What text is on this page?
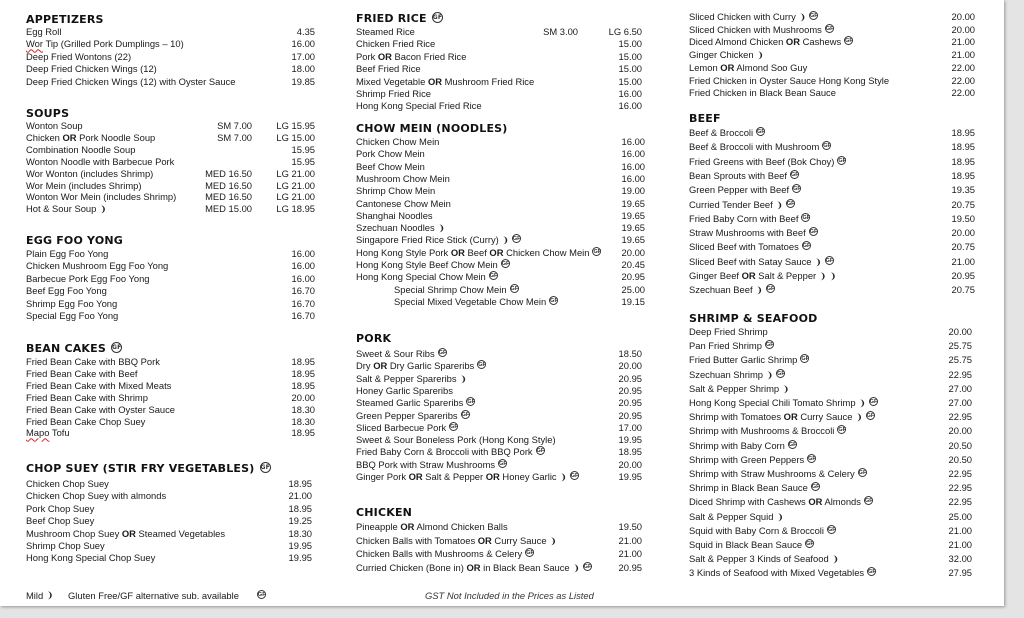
APPETIZERS
Egg Roll	4.35
Wor Tip (Grilled Pork Dumplings – 10)	16.00
Deep Fried Wontons (22)	17.00
Deep Fried Chicken Wings (12)	18.00
Deep Fried Chicken Wings (12) with Oyster Sauce	19.85
SOUPS
Wonton Soup	SM 7.00	LG 15.95
Chicken OR Pork Noodle Soup	SM 7.00	LG 15.00
Combination Noodle Soup	15.95
Wonton Noodle with Barbecue Pork	15.95
Wor Wonton (includes Shrimp)	MED 16.50	LG 21.00
Wor Mein (includes Shrimp)	MED 16.50	LG 21.00
Wonton Wor Mein (includes Shrimp)	MED 16.50	LG 21.00
Hot & Sour Soup ❩	MED 15.00	LG 18.95
EGG FOO YONG
Plain Egg Foo Yong	16.00
Chicken Mushroom Egg Foo Yong	16.00
Barbecue Pork Egg Foo Yong	16.00
Beef Egg Foo Yong	16.70
Shrimp Egg Foo Yong	16.70
Special Egg Foo Yong	16.70
BEAN CAKES GF
Fried Bean Cake with BBQ Pork	18.95
Fried Bean Cake with Beef	18.95
Fried Bean Cake with Mixed Meats	18.95
Fried Bean Cake with Shrimp	20.00
Fried Bean Cake with Oyster Sauce	18.30
Fried Bean Cake Chop Suey	18.30
Mapo Tofu	18.95
CHOP SUEY (STIR FRY VEGETABLES) GF
Chicken Chop Suey	18.95
Chicken Chop Suey with almonds	21.00
Pork Chop Suey	18.95
Beef Chop Suey	19.25
Mushroom Chop Suey OR Steamed Vegetables	18.30
Shrimp Chop Suey	19.95
Hong Kong Special Chop Suey	19.95
FRIED RICE GF
Steamed Rice	SM 3.00	LG 6.50
Chicken Fried Rice	15.00
Pork OR Bacon Fried Rice	15.00
Beef Fried Rice	15.00
Mixed Vegetable OR Mushroom Fried Rice	15.00
Shrimp Fried Rice	16.00
Hong Kong Special Fried Rice	16.00
CHOW MEIN (NOODLES)
Chicken Chow Mein	16.00
Pork Chow Mein	16.00
Beef Chow Mein	16.00
Mushroom Chow Mein	16.00
Shrimp Chow Mein	19.00
Cantonese Chow Mein	19.65
Shanghai Noodles	19.65
Szechuan Noodles ❩	19.65
Singapore Fried Rice Stick (Curry) ❩ GF	19.65
Hong Kong Style Pork OR Beef OR Chicken Chow Mein GF 20.00
Hong Kong Style Beef Chow Mein GF	20.45
Hong Kong Special Chow Mein GF	20.95
Special Shrimp Chow Mein GF	25.00
Special Mixed Vegetable Chow Mein GF	19.15
PORK
Sweet & Sour Ribs GF	18.50
Dry OR Dry Garlic Spareribs GF	20.00
Salt & Pepper Spareribs ❩	20.95
Honey Garlic Spareribs	20.95
Steamed Garlic Spareribs GF	20.95
Green Pepper Spareribs GF	20.95
Sliced Barbecue Pork GF	17.00
Sweet & Sour Boneless Pork (Hong Kong Style)	19.95
Fried Baby Corn & Broccoli with BBQ Pork GF	18.95
BBQ Pork with Straw Mushrooms GF	20.00
Ginger Pork OR Salt & Pepper OR Honey Garlic ❩ GF	19.95
CHICKEN
Pineapple OR Almond Chicken Balls	19.50
Chicken Balls with Tomatoes OR Curry Sauce ❩	21.00
Chicken Balls with Mushrooms & Celery GF	21.00
Curried Chicken (Bone in) OR in Black Bean Sauce ❩ GF	20.95
Sliced Chicken with Curry ❩ GF	20.00
Sliced Chicken with Mushrooms GF	20.00
Diced Almond Chicken OR Cashews GF	21.00
Ginger Chicken ❩	21.00
Lemon OR Almond Soo Guy	22.00
Fried Chicken in Oyster Sauce Hong Kong Style	22.00
Fried Chicken in Black Bean Sauce	22.00
BEEF
Beef & Broccoli GF	18.95
Beef & Broccoli with Mushroom GF	18.95
Fried Greens with Beef (Bok Choy) GF	18.95
Bean Sprouts with Beef GF	18.95
Green Pepper with Beef GF	19.35
Curried Tender Beef ❩ GF	20.75
Fried Baby Corn with Beef GF	19.50
Straw Mushrooms with Beef GF	20.00
Sliced Beef with Tomatoes GF	20.75
Sliced Beef with Satay Sauce ❩ GF	21.00
Ginger Beef OR Salt & Pepper ❩ ❩	20.95
Szechuan Beef ❩ GF	20.75
SHRIMP & SEAFOOD
Deep Fried Shrimp	20.00
Pan Fried Shrimp GF	25.75
Fried Butter Garlic Shrimp GF	25.75
Szechuan Shrimp ❩ GF	22.95
Salt & Pepper Shrimp ❩	27.00
Hong Kong Special Chili Tomato Shrimp ❩ GF	27.00
Shrimp with Tomatoes OR Curry Sauce ❩ GF	22.95
Shrimp with Mushrooms & Broccoli GF	20.00
Shrimp with Baby Corn GF	20.50
Shrimp with Green Peppers GF	20.50
Shrimp with Straw Mushrooms & Celery GF	22.95
Shrimp in Black Bean Sauce GF	22.95
Diced Shrimp with Cashews OR Almonds GF	22.95
Salt & Pepper Squid ❩	25.00
Squid with Baby Corn & Broccoli GF	21.00
Squid in Black Bean Sauce GF	21.00
Salt & Pepper 3 Kinds of Seafood ❩	32.00
3 Kinds of Seafood with Mixed Vegetables GF	27.95
Mild ❩ Gluten Free/GF alternative sub. available	GF	GST Not Included in the Prices as Listed
